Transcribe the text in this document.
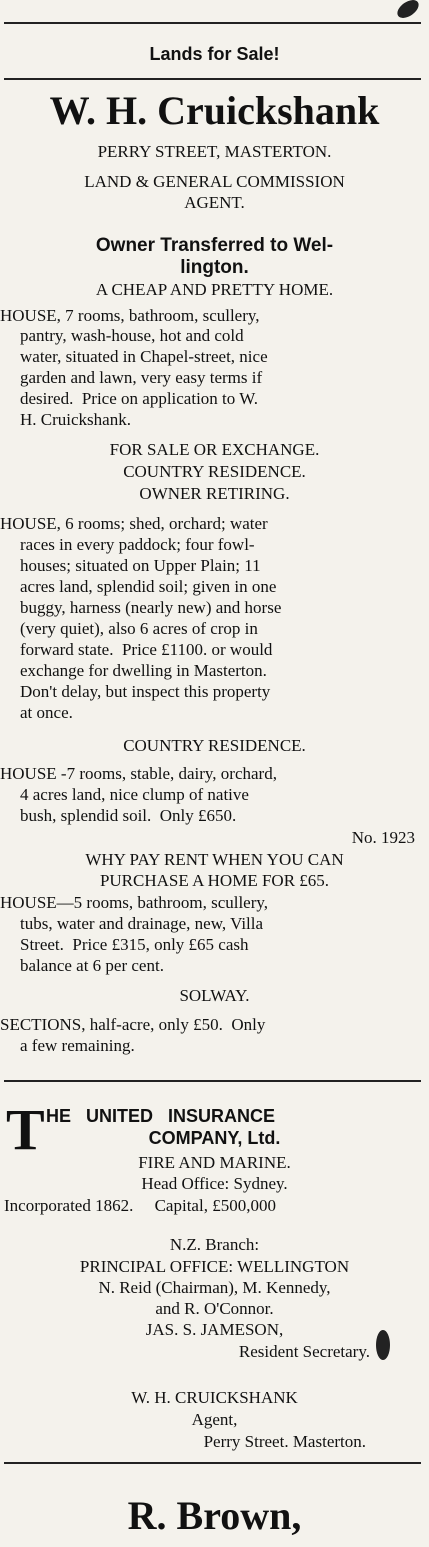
Lands for Sale!
W. H. Cruickshank
PERRY STREET, MASTERTON.
LAND & GENERAL COMMISSION
AGENT.
Owner Transferred to Wel-
lington.
A CHEAP AND PRETTY HOME.
HOUSE, 7 rooms, bathroom, scullery,
pantry, wash-house, hot and cold
water, situated in Chapel-street, nice
garden and lawn, very easy terms if
desired.  Price on application to W.
H. Cruickshank.
FOR SALE OR EXCHANGE.
COUNTRY RESIDENCE.
OWNER RETIRING.
HOUSE, 6 rooms; shed, orchard; water
races in every paddock; four fowl-
houses; situated on Upper Plain; 11
acres land, splendid soil; given in one
buggy, harness (nearly new) and horse
(very quiet), also 6 acres of crop in
forward state.  Price £1100. or would
exchange for dwelling in Masterton.
Don't delay, but inspect this property
at once.
COUNTRY RESIDENCE.
HOUSE -7 rooms, stable, dairy, orchard,
4 acres land, nice clump of native
bush, splendid soil.  Only £650.
No. 1923
WHY PAY RENT WHEN YOU CAN
PURCHASE A HOME FOR £65.
HOUSE—5 rooms, bathroom, scullery,
tubs, water and drainage, new, Villa
Street.  Price £315, only £65 cash
balance at 6 per cent.
SOLWAY.
SECTIONS, half-acre, only £50.  Only
a few remaining.
T HE   UNITED   INSURANCE
COMPANY, Ltd.
FIRE AND MARINE.
Head Office: Sydney.
Incorporated 1862.     Capital, £500,000
N.Z. Branch:
PRINCIPAL OFFICE: WELLINGTON
N. Reid (Chairman), M. Kennedy,
and R. O'Connor.
JAS. S. JAMESON,
Resident Secretary.
W. H. CRUICKSHANK
Agent,
Perry Street. Masterton.
R. Brown,
